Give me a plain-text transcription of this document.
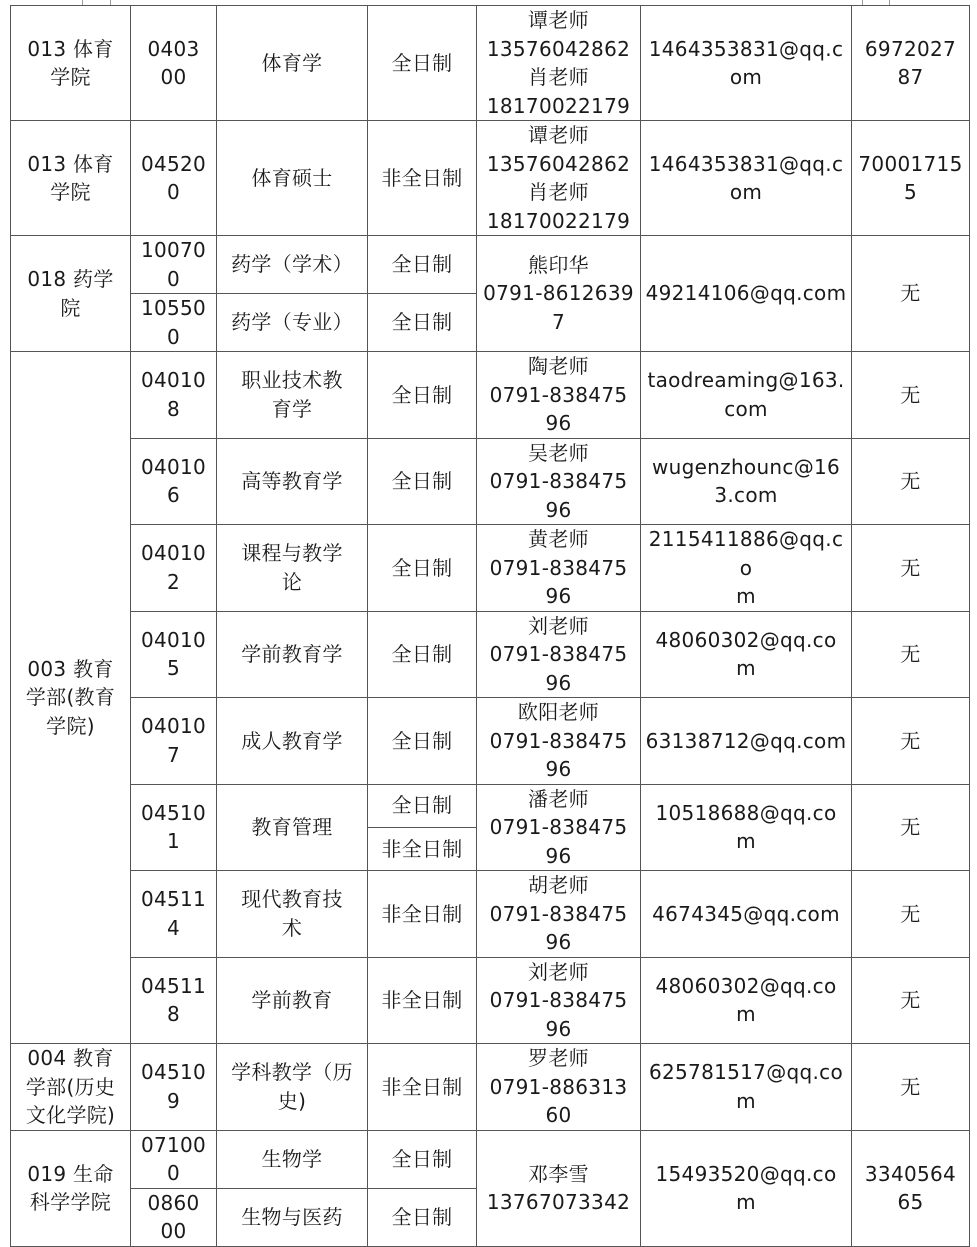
013 体育
学院	0403
00	体育学	全日制	谭老师
13576042862
肖老师
18170022179	1464353831@qq.c
om	6972027
87

013 体育
学院	04520
0	体育硕士	非全日制	谭老师
13576042862
肖老师
18170022179	1464353831@qq.c
om	70001715
5

018 药学
院	10070
0	药学（学术）	全日制	熊印华
0791-8612639
7	49214106@qq.com	无

	10550
0	药学（专业）	全日制			

003 教育
学部(教育
学院)	04010
8	职业技术教
育学	全日制	陶老师
0791-838475
96	taodreaming@163.
com	无

	04010
6	高等教育学	全日制	吴老师
0791-838475
96	wugenzhounc@16
3.com	无

	04010
2	课程与教学
论	全日制	黄老师
0791-838475
96	2115411886@qq.co
m	无

	04010
5	学前教育学	全日制	刘老师
0791-838475
96	48060302@qq.co
m	无

	04010
7	成人教育学	全日制	欧阳老师
0791-838475
96	63138712@qq.com	无

	04510
1	教育管理	全日制	潘老师
0791-838475
96	10518688@qq.co
m	无

			非全日制			

	04511
4	现代教育技
术	非全日制	胡老师
0791-838475
96	4674345@qq.com	无

	04511
8	学前教育	非全日制	刘老师
0791-838475
96	48060302@qq.co
m	无

004 教育
学部(历史
文化学院)	04510
9	学科教学（历
史)	非全日制	罗老师
0791-886313
60	625781517@qq.co
m	无

019 生命
科学学院	07100
0	生物学	全日制	邓李雪
13767073342	15493520@qq.co
m	3340564
65

	0860
00	生物与医药	全日制			
